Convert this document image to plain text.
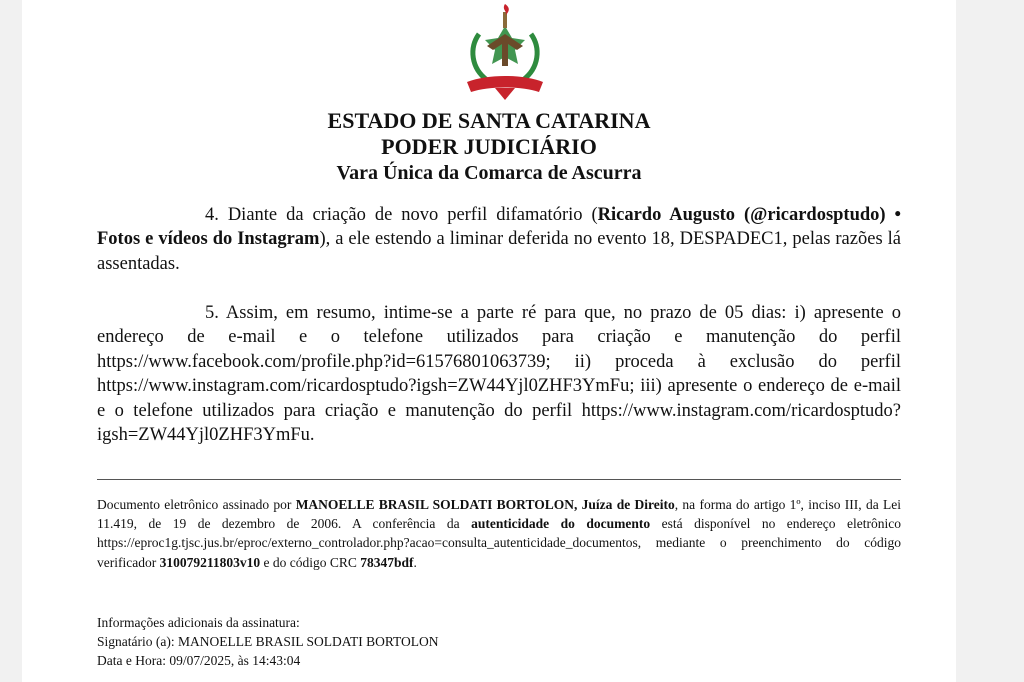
ESTADO DE SANTA CATARINA
PODER JUDICIÁRIO
Vara Única da Comarca de Ascurra
4. Diante da criação de novo perfil difamatório (Ricardo Augusto (@ricardosptudo) • Fotos e vídeos do Instagram), a ele estendo a liminar deferida no evento 18, DESPADEC1, pelas razões lá assentadas.
5. Assim, em resumo, intime-se a parte ré para que, no prazo de 05 dias: i) apresente o endereço de e-mail e o telefone utilizados para criação e manutenção do perfil https://www.facebook.com/profile.php?id=61576801063739; ii) proceda à exclusão do perfil https://www.instagram.com/ricardosptudo?igsh=ZW44Yjl0ZHF3YmFu; iii) apresente o endereço de e-mail e o telefone utilizados para criação e manutenção do perfil https://www.instagram.com/ricardosptudo?igsh=ZW44Yjl0ZHF3YmFu.
Documento eletrônico assinado por MANOELLE BRASIL SOLDATI BORTOLON, Juíza de Direito, na forma do artigo 1º, inciso III, da Lei 11.419, de 19 de dezembro de 2006. A conferência da autenticidade do documento está disponível no endereço eletrônico https://eproc1g.tjsc.jus.br/eproc/externo_controlador.php?acao=consulta_autenticidade_documentos, mediante o preenchimento do código verificador 310079211803v10 e do código CRC 78347bdf.
Informações adicionais da assinatura:
Signatário (a): MANOELLE BRASIL SOLDATI BORTOLON
Data e Hora: 09/07/2025, às 14:43:04
